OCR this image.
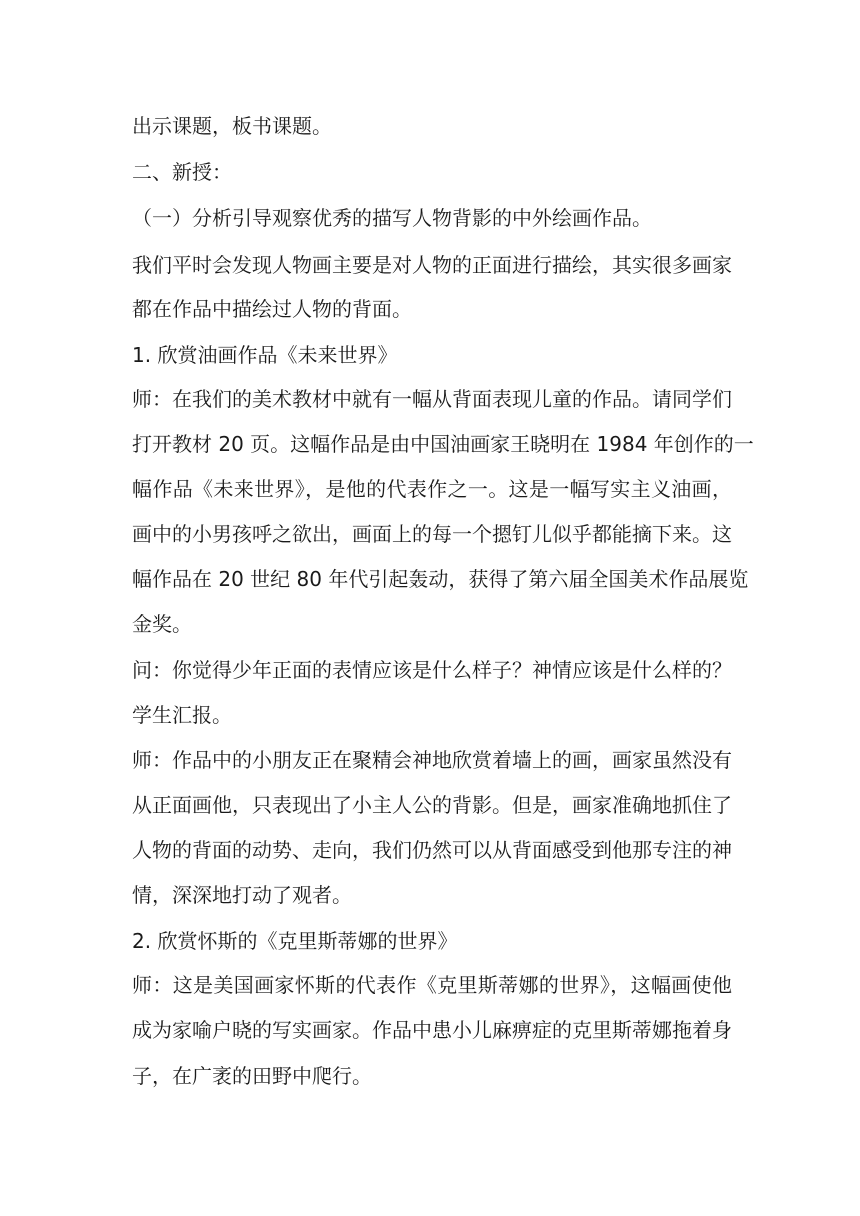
出示课题，板书课题。
二、新授：
（一）分析引导观察优秀的描写人物背影的中外绘画作品。
我们平时会发现人物画主要是对人物的正面进行描绘，其实很多画家
都在作品中描绘过人物的背面。
1. 欣赏油画作品《未来世界》
师：在我们的美术教材中就有一幅从背面表现儿童的作品。请同学们
打开教材 20 页。这幅作品是由中国油画家王晓明在 1984 年创作的一
幅作品《未来世界》，是他的代表作之一。这是一幅写实主义油画，
画中的小男孩呼之欲出，画面上的每一个摁钉儿似乎都能摘下来。这
幅作品在 20 世纪 80 年代引起轰动，获得了第六届全国美术作品展览
金奖。
问：你觉得少年正面的表情应该是什么样子？神情应该是什么样的？
学生汇报。
师：作品中的小朋友正在聚精会神地欣赏着墙上的画，画家虽然没有
从正面画他，只表现出了小主人公的背影。但是，画家准确地抓住了
人物的背面的动势、走向，我们仍然可以从背面感受到他那专注的神
情，深深地打动了观者。
2. 欣赏怀斯的《克里斯蒂娜的世界》
师：这是美国画家怀斯的代表作《克里斯蒂娜的世界》，这幅画使他
成为家喻户晓的写实画家。作品中患小儿麻痹症的克里斯蒂娜拖着身
子，在广袤的田野中爬行。
